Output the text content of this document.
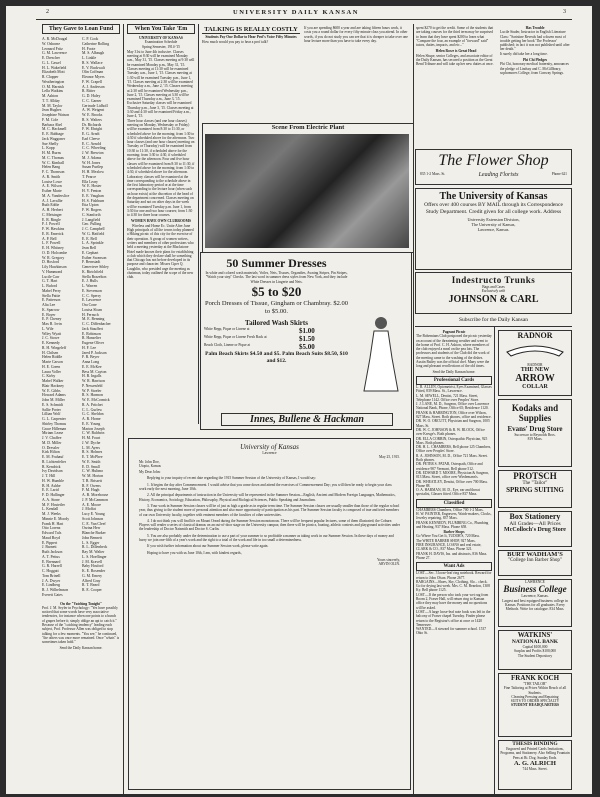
2	UNIVERSITY DAILY KANSAN	3
They Gave to Loan Fund
A. R. McDougal
W. Osborne
Leonard Fritz
G. M. Lawrence
E. Drescher
G. L. Cassel
H. L. Wakefield
Elizabeth Mott
R. Clapper
Weatherington
O. M. Harnish
Lella Watkins
M. Ashton
T. T. Allday
M. M. Taylor
Jean Hughes
Josephine Watson
F. M. Cole
Barbara Abel
M. C. Hackmell
E. E. Babbage
Jack Waggoner
Sue Shelly
L. Kopp
H. M. Burns
M. C. Thomas
W. C. Kimball
Helen Bang
F. C. Thomson
A. R. Smith
Louise Lowe
A. E. Wilson
Esther Marie
M. A. Vanderslice
A. J. Lavallie
Ruth Eddie
A. H. Herbert
C. Meisinger
E. R. Ringle
F. J. Powell
F. W. Hawkins
E. R. Emerick
A. P. Bell
L. F. Powell
E. H. Whitney
O. D. Holcombe
W. R. Gregory
D. Hosford
Lily Hawkinson
V. Hammond
Lucile Carr
G. T. Hart
L. Buford
Mabel Perry
Stella Pattie
E. Patterson
Alta Lee
K. Sparrow
E. Boyer
E. P. Cheney
Max R. Irvin
L. Wile
Wiley Wyatt
J. C. Stowe
E. Kennedy
R. H. Wingeleff
H. Chilsen
Helen Riddle
Marie Carson
H. E. Green
Laura Voller
C. Kirby
Mabel Walker
Blair Hackney
W. E. Gibbs
Howard Adams
John M. Miller
E. S. Schmidt
Sallie Porter
Lillian Wolf
G. L. Carpenter
Shirley Thomas
Grace Hilleman
Miriam Lease
J. V. Chaffee
M. D. Miller
O. Dressler
Kirk Hilton
E. M. Fruhauf
R. Lichtenfelter
R. Kendrick
Ivy Davidson
J. T. Hill
H. W. Humble
B. H. Ashbe
E. E. Larid
F. D. Hallinger
A. A. Stone
M. F. Hostetler
L. Kendall
M. J. Weeks
Minnie E. Moody
Frank H. Hart
Otto Lorenz
Edward Tuls
Maud Boyd
E. Pippert
J. Barnett
Ruth Jackson
A. T. Pettus
E. Brennard
G. R. Harrell
C. Hoggatt
Tom Brinell
J. A. Dwyer
E. Lindberg
R. J. Wilhelmson
Everett Gates
C. P. Cook
Catherine Rolling
H. Foote
M. S. Albaugh
L. Linkle
R. S. Wallace
E. V. Buckwalt
Olin Coffman
Eleanor Myers
F. W. Crapell
A. J. Anderson
R. Ritter
G. D. Haley
C. C. Garner
Gertrude Lidholl
A. W. Weigent
W. E. Brooks
R. S. Walters
Dr. Richards
F. W. Ebright
E. G. Arndt
Earl Cleeve
E. C. Arnold
C. C. Wheeling
J. W. Brewton
M. J. Adams
W. H. Jones
Susan Purtlep
H. H. Mexlow
T. Pearce
Ella Leary
W. E. Hosier
H. V. Fenton
E. E. Vaughan
H. S. Fishburn
Etta Upton
F. W. Rogers
C. Stanforth
J. Langfield
Geo. Pulling
J. C. Campbell
W. G. Hatfield
E. E. Bell
L. A. Sprinkle
Jean Bell
E. Gephart
Esther Swanson
F. Bernstadt
Genevieve Sibley
K. Birtchfield
Stella Brazelton
E. J. Hulls
L. Warren
E. Stevenson
C. C. Sperry
E. Lawrence
Ora Cone
Louisa Sloan
H. Fernsch
M. E. Benning
C. C. Diffenbacher
Jack Stauffert
E. Robinson
R. Hanselier
Eugene Oliver
H. F. Lee
Jared P. Jackson
F. R. Beyer
Anna Long
E. E. McKee
Bess M. Cayton
H. B. Ingalls
W. R. Harrison
P. Nessenfeld
W. P. Stoeler
R. S. Harmon
W. E. McCormick
R. A. Pritchet
C. L. Gurlew
G. C. Sheldon
A. R. Horne
E. E. Young
Marion Joseph
C. W. Baldwin
H. M. Fourt
J. W. Dyche
L. M. Ayers
R. S. Holmes
E. T. McPhee
W. E. Smith
E. D. Small
C. W. Hultmo
W. M. Horton
T. B. Brissett
R. F. Owens
F. M. Hugh
A. B. Morehouse
J. P. McCammon
A. E. Moore
J. Moffat
Lucy E. Young
Scott Johnson
C. E. Van Cleef
Orzina Herr
Blanche Barker
John Bennett
L. S. Egger
R. L. Dillenbeck
Ray M. Walter
L. S. Hoeflinger
J. M. Kravell
Baby Hosford
K. E. Rosender
G. M. Emery
Alfred Gray
R. T. Beard
R. E. Cooper
On the "Vatching Tonight"
Prof. J. M. Seyler in Psychology: "Yes have possibly noticed that some words have very associative tendencies, for instance when one points to a bunch of grapes before it; simply oblige an apt to catch it."
Because of the "catching tendency" leading each subject, Prof. Professor Allen was obliged to stop talking for a few moments. "You see," he continued, "the others was once more remained. Once "whats" is sometimes taken hold."
Send the Daily Kansan home.
When You Take 'Em
UNIVERSITY OF KANSAS
Examination Schedule
Spring Semester, 1914-'15
May 31st to June 4th inclusive. Classes meeting at 8:30 will be examined Monday a.m., May 31, '15. Classes meeting at 9:30 will be examined Monday p.m., May 31, '15. Classes meeting at 11:30 will be examined Tuesday a.m., June 1, '15. Classes meeting at 1:30 will be examined Tuesday p.m., June 1, '15. Classes meeting at 2:30 will be examined Wednesday a.m., June 2, '15. Classes meeting at 2:30 will be examined Wednesday p.m., June 2, '15. Classes meeting at 3:30 will be examined Thursday a.m., June 3, '15. Exclusive Saturday classes will be examined Thursday p.m., June 3, '15. Classes meeting at 3:30 and 4:30 will be examined Friday a.m., June 4, '15.
Three hour classes (and one hour classes) meeting on Monday, Wednesday or Friday) will be examined from 8:30 to 11:30, or scheduled above for the morning; from 1:30 to 4:30 if scheduled above for the afternoon. Two hour classes (and one hour classes) meeting on Tuesday or Thursday) will be examined from 10:30 to 11:30, if scheduled above for the morning; from 3:30 to 4:30, if scheduled above for the afternoon. Four and five hour classes will be examined from 8:30 to 11:30, if scheduled above for the morning; from 1:30 to 4:30, if scheduled above for the afternoon.
Laboratory classes will be examined at the time corresponding to the schedule above in the first laboratory period or at the time corresponding to the lecture hour (when such an hour exists) at the discretion of the head of the department concerned. Classes meeting on Saturday and not on other days in the week will be examined Tuesday p.m. June 1, from 3:30 for one and two hour courses; from 1:30 to 4:30 for three hour courses.
WOMEN HAVE OWN CLUBROOMS
Wireless and Home Ec. Unite After June
High principals of all the towns today planned a Hiking picnic of this city for the exercise of their operation. A group of women writers, writers and members of other professions who held a meeting yesterday at the Blackstone Hotel made known their plans for establishing a club which they declare shall be something that Chicago has not before developed in its purpose and character. Misses Ciper Q. Laughlin, who presided urge the meeting as chairman, today outlined the scope of the new club.
TALKING IS REALLY COSTLY
Students Pay One Dollar to Hear Prof's Voice Fifty Minutes
How much would you pay to hear a prof talk?
If you are spending $600 a year and are taking fifteen hours work, it costs you a round dollar for every fifty minute class you attend. In other words, if you do not study you can see that it is cheaper to take over one hour lecture more than you have to take every day.
Scene From Electric Plant
50 Summer Dresses
In white and colored wash materials; Voiles, Nets, Tissues, Organdies, Awning Stripes, Pin Stripes, "Watch your step" Checks. The last word in summer dress styles from New York, and they include White Dresses in Lingerie and Nets.
$5 to $20
Porch Dresses of Tissue, Gingham or Chambray. $2.00 to $5.00.
Tailored Wash Skirts
White Repp, Pique or Linene at
White Repp, Pique or Linene Fresh Back at
Beach Cloth, Linene or Pique at
$1.00
$1.50
$5.00
Palm Beach Skirts $4.50 and $5. Palm Beach Suits $8.50, $10 and $12.
Innes, Bullene & Hackman
University of Kansas
Lawrence
May 25, 1915.
Mr. John Doe,
Utopia, Kansas
My Dear John:
Replying to your inquiry of recent date regarding the 1915 Summer Session of the University of Kansas, I would say:
1. It begins the day after Commencement. I would advise that you come down and attend the exercises of Commencement Day; you will then be ready to begin your class work early the next morning, June 10th.
2. All the principal departments of instruction in the University will be represented in the Summer Session—English, Ancient and Modern Foreign Languages, Mathematics, History, Economics, Sociology, Education, Philosophy, Physical and Biological Sciences, Public Speaking and Journalism.
3. Your work in Summer Session classes will be of just as high a grade as in regular term time. The Summer Session classes are usually smaller than those of the regular school year, thus giving to the student more of personal attention and also more opportunity of participation as his part. The Summer Session faculty is composed of true and tried members of our own University faculty, together with eminent members of the faculties of other universities.
4. I do not think you will find life on Mount Oread during the Summer Session monotonous. There will be frequent popular lectures, some of them illustrated; the Coburn Players will render a series of classical dramas on an out-of-door stage on the University campus; then there will be picnics, boating, athletic contests and playground activities under the leadership of Doctor Naismith and Doctor S. Carlin.
5. You are also probably under the determination to use a part of your summer to so profitable a manner as taking work in our Summer Session. In these days of money and hurry we join one-fifth of a year's work and the right to a total of the work and life in too small a determinedness.
If you wish further information about our Summer Session work, please write again.
Hoping to have you with us June 10th, I am, with kindest regards,
Yours sincerely,
ARVIN OLIN.
spent $270 to get the credit. Some of the students that are taking courses for the third term may be surprised to learn that they have spent $200 to learn what "Compare the four, an example of "forward" said" tutors, duties, impacts, and etc..."
Helen Rowe is Great Head
Helen Shupe, senior Colleges, and associate editor of the Daily Kansan, has secured a position as the Great Bend Tribune and will take up her new duties at once.
Has Trouble
Lucile Studer, Instructor in English Literature Class: "Saristine Reveals had a dozen most of trouble getting her book 'The Professor' published; in fact it was not published until after her death."
It surely did take her a long time.
Phi Chi Pledges
Phi Chi, honorary medical fraternity, announces the pledge of Lindsay and C. McGillbrary, sophomores College, from Conway Springs.
The Flower Shop
835 1-2 Mass. St.	Leading Florists	Phone 621
The University of Kansas
Offers over 400 courses BY MAIL through its Correspondence Study Department. Credit given for all college work. Address
University Extension Division,
The University of Kansas,
Lawrence, Kansas.
Indestructo Trunks
Bags and Cases
Exclusively with
JOHNSON & CARL
Subscribe for the Daily Kansan
Pageant Picnic
The Bohemians Club postponed the picnic yesterday on account of the threatening weather and went to the home of Prof. C. H. Ashton, where members of the club enjoyed a meal on the pea lots. The professors and students of the Club did the work of the meeting came to the washing of the dishes. Austin Bailey was the official chef. Many were the long and pleasant recollections of the old times.
Send the Daily Kansan home.
Professional Cards
L. R. ALLEN, Optometrist, Eyes Examined, Glasses Fitted, 839 Mass. St., Lawrence.
L. M. SEWELL, Dentist, 721 Mass. Street, Telephone 1142. Office over Peoples' Store.
J. J. LANE, M. D., Surgeon, Office over Lawrence National Bank, Phone, Office 65; Residence 1120.
FRANK & HARRINGTON, Office over Wilson, 827 Mass. Street. Both phones, office and residence.
DR. W. O. ORCUTT, Physician and Surgeon, 1005 Mass. St.
DR. W. C. JOHNSON & R. W. BLOCK, Office over Kresge's. Both phones.
DR. ELLA CORBIN, Osteopathic Physician, 925 Mass. Both phones.
DR. H. L. CHAMBERS, Bell phone 125 Chambers, Office over Peoples' Store.
R. A. JOHNSON, M. D., Office 721 Mass. Street. Both phones.
DR. PETER S. PATAR, Osteopath, Office and residence 907 Vermont, Bell phone 512.
DR. EDWARD T. MOORE, Physician & Surgeon, 813 Mass. Street, office over Wiedemann's.
DR. WHEATLEY, Dentist, Office over 700 Mass. Phone 88.
O. A. HARMAN, M. D., Eye, ear and throat specialist, Glasses fitted. Office 837 Mass.
Classified
CHAMBERS Chambers, Office 700 1-2 Mass.
H. W. PAINTER, Engravers, Watch-makers, Clocks, Jewelry repairing, 837 Mass.
FRANK KENNEDY, PLUMBING Co., Plumbing and Heating, 937 Mass. Phone 658.
Barber Shops
Go Where You Get It, TUDOR'S, 720 Mass.
The WHITE BARBER SHOP, 927 Mass.
FIRE INSURANCE, LOANS and real estate, CLARK & CO., 837 Mass. Phone 321.
FRANK H. DAVIS, Ins. and abstracts, 836 Mass. Phone 27.
Want Ads
LOST—Sec. 3 loose-leaf ring notebook. Reward for return to John Olson. Phone 2677.
BARGAINS—Shoes, Sky, Clothing, Slo... check. Go for drying last week. Mrs. C. M. Beardon, 1308 Ky. Bell phone 1125.
LOST—If the person who took your wet rug from Room 2, Fraser Hall, will return ring to Kansan office they may have the money and no questions will be asked.
LOST—A large loose-leaf note book was left in the balcony of Fraser chapel Tuesday. Finder please return to the Registrar's office at once or 1420 Tennessee.
WANTED—A steward for summer school. 1537 Ohio St.
RADNOR
RADNOR
THE NEW
ARROW
COLLAR
Kodaks and
Supplies
Evans' Drug Store
Successor to Reynolds Bros.
819 Mass.
PROTSCH
The "Tailor"
SPRING SUITING
Box Stationery
All Grades—All Prices
McColloch's Drug Store
BURT WADHAM'S
"College Inn Barber Shop"
LAWRENCE
Business College
Lawrence, Kansas.
Largest and best equipped business college in Kansas. Positions for all graduates. Every Methods. Write for catalogue. 834 Mass.
WATKINS'
NATIONAL BANK
Capital $100,000
Surplus and Profits $100,000
The Student Depository
FRANK KOCH
"THE TAILOR"
Fine Tailoring at Prices Within Reach of all Students.
Cleaning Pressing and Repairing
SUITS TO ORDER SPECIALTY
STUDENT HEADQUARTERS
THESIS BINDING
Engraved and Printed Cards Invitations, Programs, and Stationery. Also Selling Fountain Pens at Rt. Dog. Sunday Ends.
A. G. ALRICH
744 Mass. Street.
